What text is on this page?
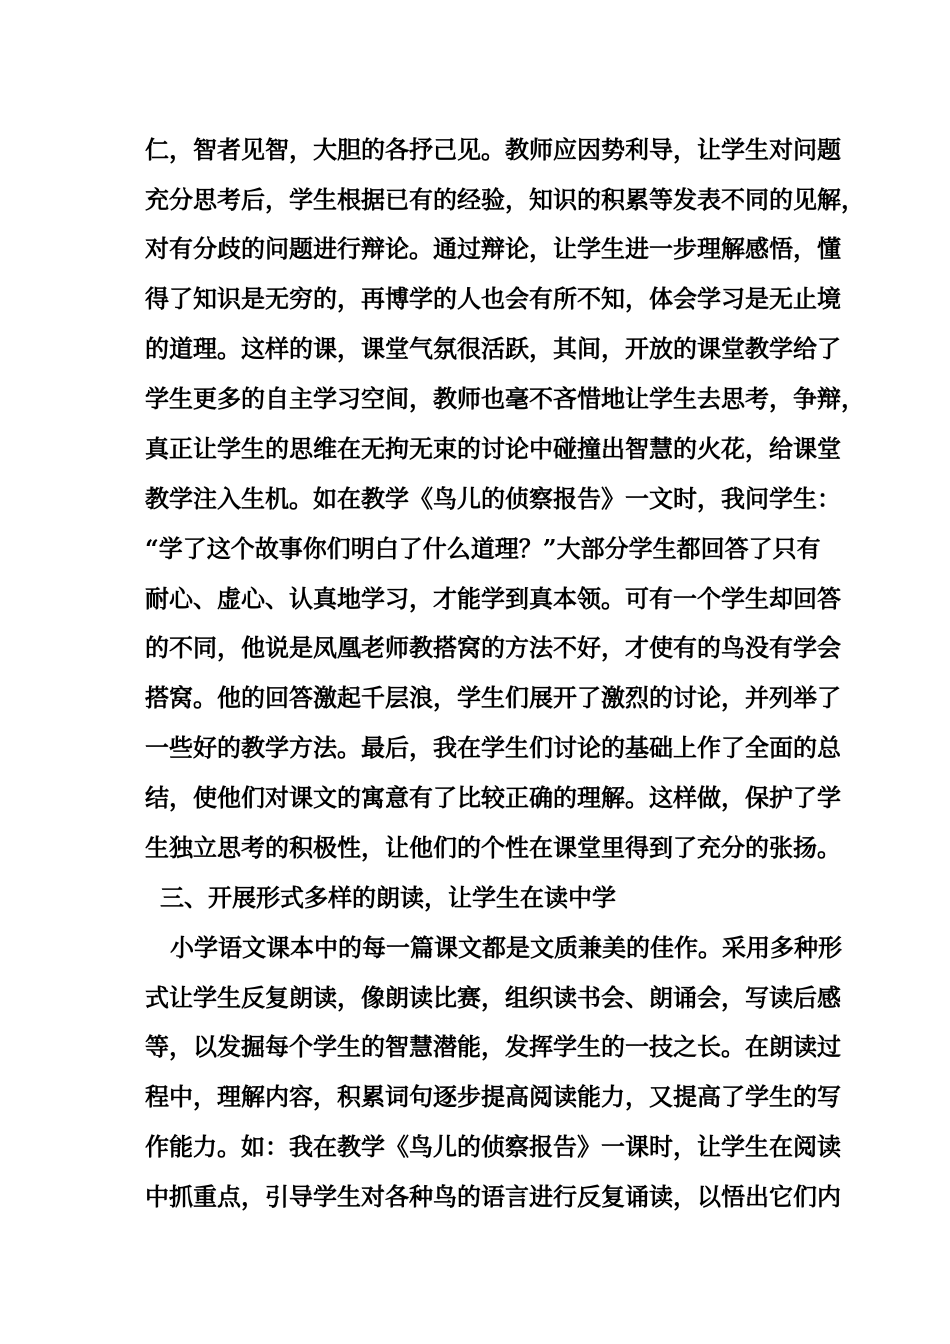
仁，智者见智，大胆的各抒己见。教师应因势利导，让学生对问题
充分思考后，学生根据已有的经验，知识的积累等发表不同的见解，
对有分歧的问题进行辩论。通过辩论，让学生进一步理解感悟，懂
得了知识是无穷的，再博学的人也会有所不知，体会学习是无止境
的道理。这样的课，课堂气氛很活跃，其间，开放的课堂教学给了
学生更多的自主学习空间，教师也毫不吝惜地让学生去思考，争辩，
真正让学生的思维在无拘无束的讨论中碰撞出智慧的火花，给课堂
教学注入生机。如在教学《鸟儿的侦察报告》一文时，我问学生：
“学了这个故事你们明白了什么道理？”大部分学生都回答了只有
耐心、虚心、认真地学习，才能学到真本领。可有一个学生却回答
的不同，他说是凤凰老师教搭窝的方法不好，才使有的鸟没有学会
搭窝。他的回答激起千层浪，学生们展开了激烈的讨论，并列举了
一些好的教学方法。最后，我在学生们讨论的基础上作了全面的总
结，使他们对课文的寓意有了比较正确的理解。这样做，保护了学
生独立思考的积极性，让他们的个性在课堂里得到了充分的张扬。
三、开展形式多样的朗读，让学生在读中学
小学语文课本中的每一篇课文都是文质兼美的佳作。采用多种形
式让学生反复朗读，像朗读比赛，组织读书会、朗诵会，写读后感
等，以发掘每个学生的智慧潜能，发挥学生的一技之长。在朗读过
程中，理解内容，积累词句逐步提高阅读能力，又提高了学生的写
作能力。如：我在教学《鸟儿的侦察报告》一课时，让学生在阅读
中抓重点，引导学生对各种鸟的语言进行反复诵读，以悟出它们内
